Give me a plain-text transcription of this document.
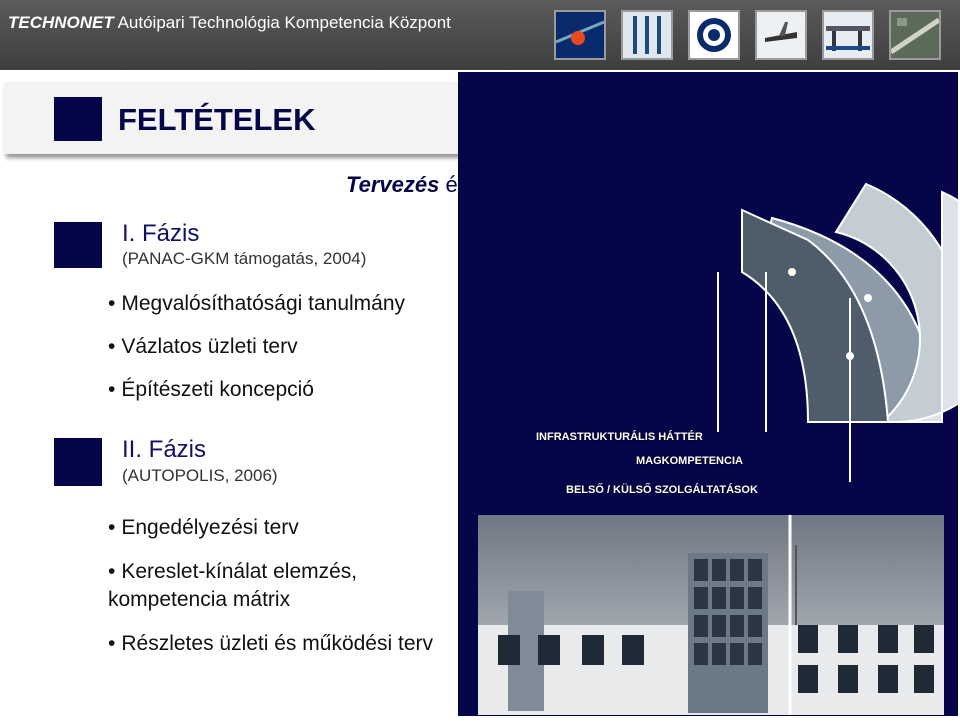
TECHNONET Autóipari Technológia Kompetencia Központ
FELTÉTELEK
Tervezés és projektfejlesztés…
INFRASTRUKTURÁLIS HÁTTÉR
MAGKOMPETENCIA
BELSŐ / KÜLSŐ SZOLGÁLTATÁSOK
I. Fázis
(PANAC-GKM támogatás, 2004)
• Megvalósíthatósági tanulmány
• Vázlatos üzleti terv
• Építészeti koncepció
II. Fázis
(AUTOPOLIS, 2006)
• Engedélyezési terv
• Kereslet-kínálat elemzés, kompetencia mátrix
• Részletes üzleti és működési terv
